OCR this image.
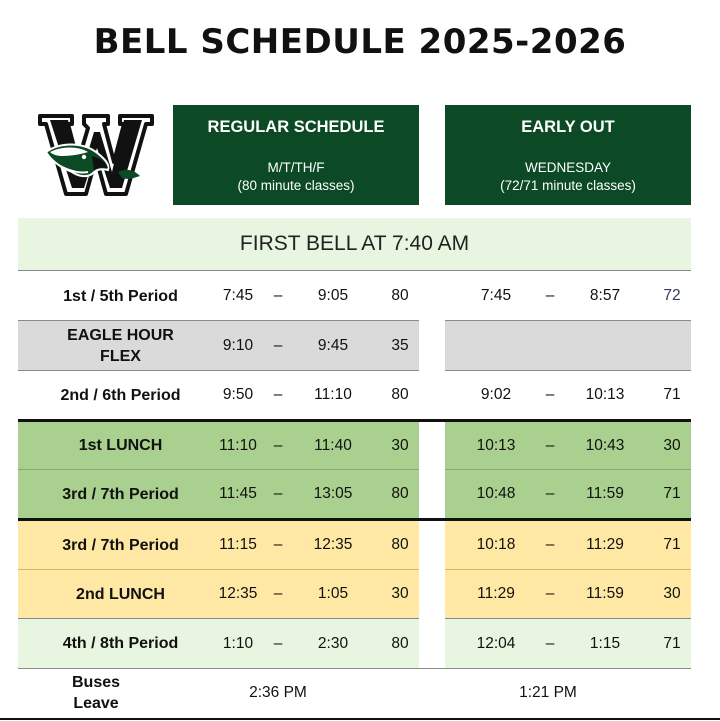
BELL SCHEDULE 2025-2026
REGULAR SCHEDULE
M/T/TH/F
(80 minute classes)
EARLY OUT
WEDNESDAY
(72/71 minute classes)
FIRST BELL AT 7:40 AM
1st / 5th Period	7:45	–	9:05	80	7:45	–	8:57	72
EAGLE HOUR
FLEX
9:10	–	9:45	35
2nd / 6th Period	9:50	–	11:10	80	9:02	–	10:13	71
1st LUNCH	11:10	–	11:40	30	10:13	–	10:43	30
3rd / 7th Period	11:45	–	13:05	80	10:48	–	11:59	71
3rd / 7th Period	11:15	–	12:35	80	10:18	–	11:29	71
2nd LUNCH	12:35	–	1:05	30	11:29	–	11:59	30
4th / 8th Period	1:10	–	2:30	80	12:04	–	1:15	71
Buses
Leave
2:36 PM	1:21 PM
